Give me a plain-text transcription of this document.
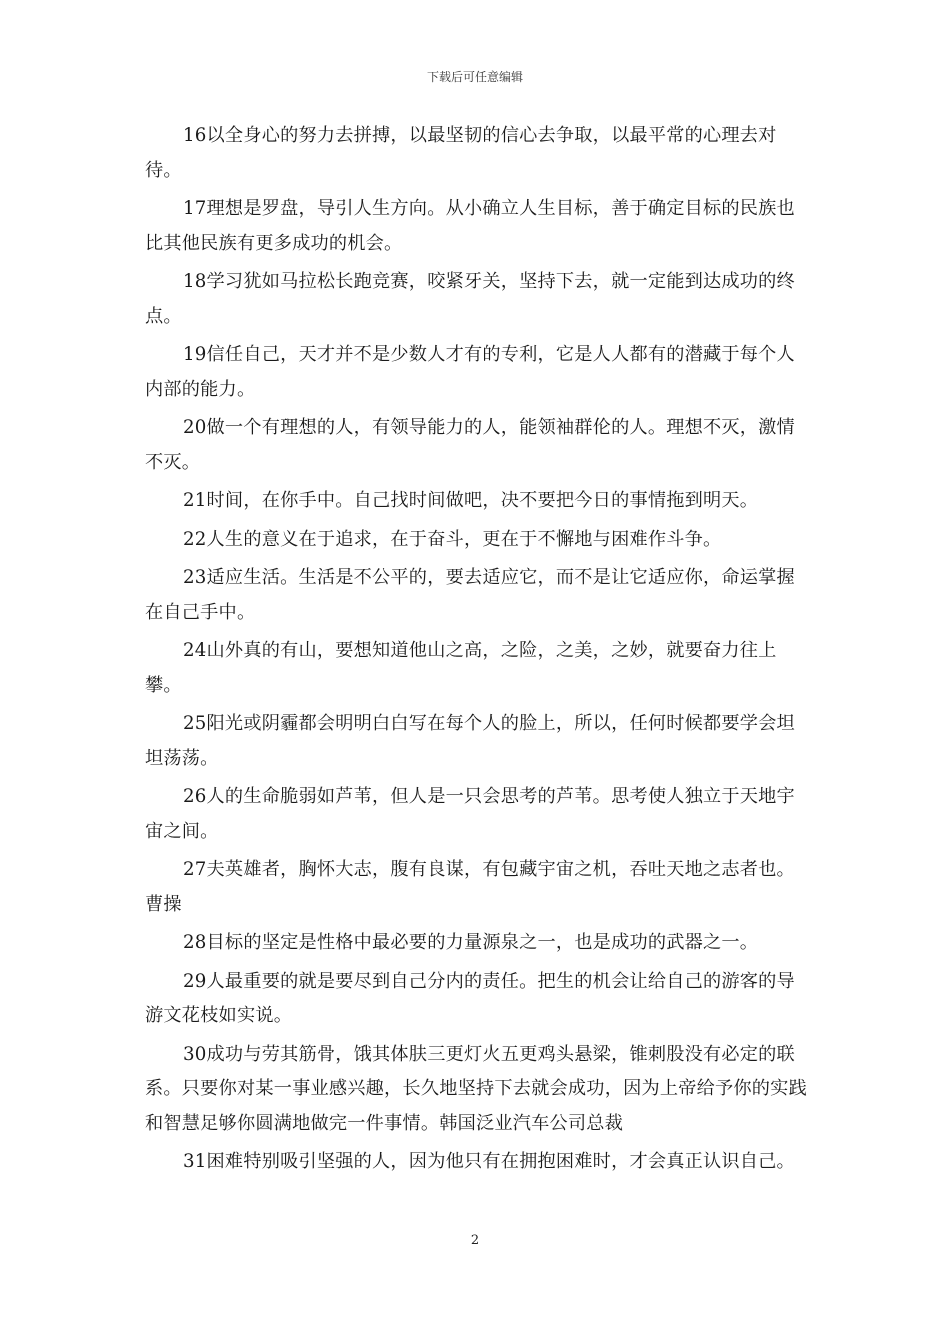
下载后可任意编辑

16以全身心的努力去拼搏，以最坚韧的信心去争取，以最平常的心理去对待。

17理想是罗盘，导引人生方向。从小确立人生目标，善于确定目标的民族也比其他民族有更多成功的机会。

18学习犹如马拉松长跑竞赛，咬紧牙关，坚持下去，就一定能到达成功的终点。

19信任自己，天才并不是少数人才有的专利，它是人人都有的潜藏于每个人内部的能力。

20做一个有理想的人，有领导能力的人，能领袖群伦的人。理想不灭，激情不灭。

21时间，在你手中。自己找时间做吧，决不要把今日的事情拖到明天。

22人生的意义在于追求，在于奋斗，更在于不懈地与困难作斗争。

23适应生活。生活是不公平的，要去适应它，而不是让它适应你，命运掌握在自己手中。

24山外真的有山，要想知道他山之高，之险，之美，之妙，就要奋力往上攀。

25阳光或阴霾都会明明白白写在每个人的脸上，所以，任何时候都要学会坦坦荡荡。

26人的生命脆弱如芦苇，但人是一只会思考的芦苇。思考使人独立于天地宇宙之间。

27夫英雄者，胸怀大志，腹有良谋，有包藏宇宙之机，吞吐天地之志者也。曹操

28目标的坚定是性格中最必要的力量源泉之一，也是成功的武器之一。

29人最重要的就是要尽到自己分内的责任。把生的机会让给自己的游客的导游文花枝如实说。

30成功与劳其筋骨，饿其体肤三更灯火五更鸡头悬梁，锥刺股没有必定的联系。只要你对某一事业感兴趣，长久地坚持下去就会成功，因为上帝给予你的实践和智慧足够你圆满地做完一件事情。韩国泛业汽车公司总裁

31困难特别吸引坚强的人，因为他只有在拥抱困难时，才会真正认识自己。

2
